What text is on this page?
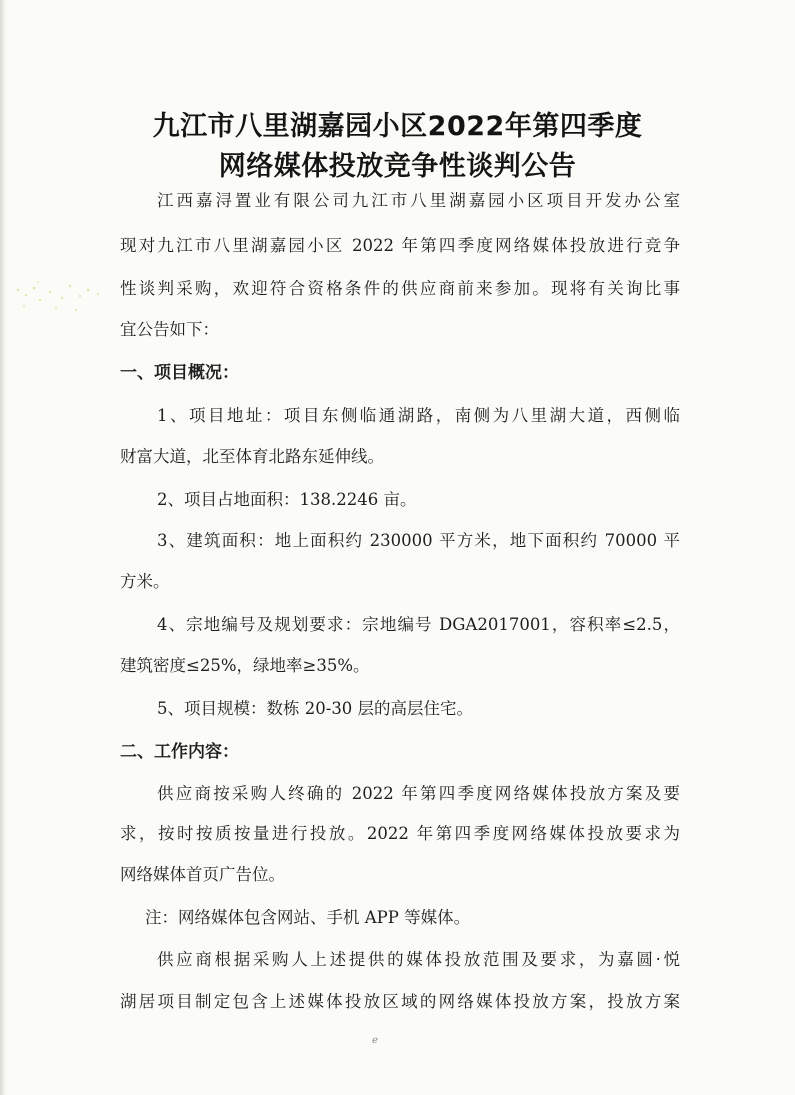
九江市八里湖嘉园小区2022年第四季度
网络媒体投放竞争性谈判公告

江西嘉浔置业有限公司九江市八里湖嘉园小区项目开发办公室

现对九江市八里湖嘉园小区 2022 年第四季度网络媒体投放进行竞争

性谈判采购，欢迎符合资格条件的供应商前来参加。现将有关询比事

宜公告如下：

一、项目概况：

1、项目地址：项目东侧临通湖路，南侧为八里湖大道，西侧临

财富大道，北至体育北路东延伸线。

2、项目占地面积：138.2246 亩。

3、建筑面积：地上面积约 230000 平方米，地下面积约 70000 平

方米。

4、宗地编号及规划要求：宗地编号 DGA2017001，容积率≤2.5，

建筑密度≤25%，绿地率≥35%。

5、项目规模：数栋 20-30 层的高层住宅。

二、工作内容：

供应商按采购人终确的 2022 年第四季度网络媒体投放方案及要

求，按时按质按量进行投放。2022 年第四季度网络媒体投放要求为

网络媒体首页广告位。

注：网络媒体包含网站、手机 APP 等媒体。

供应商根据采购人上述提供的媒体投放范围及要求，为嘉圆·悦

湖居项目制定包含上述媒体投放区域的网络媒体投放方案，投放方案

ℯ
